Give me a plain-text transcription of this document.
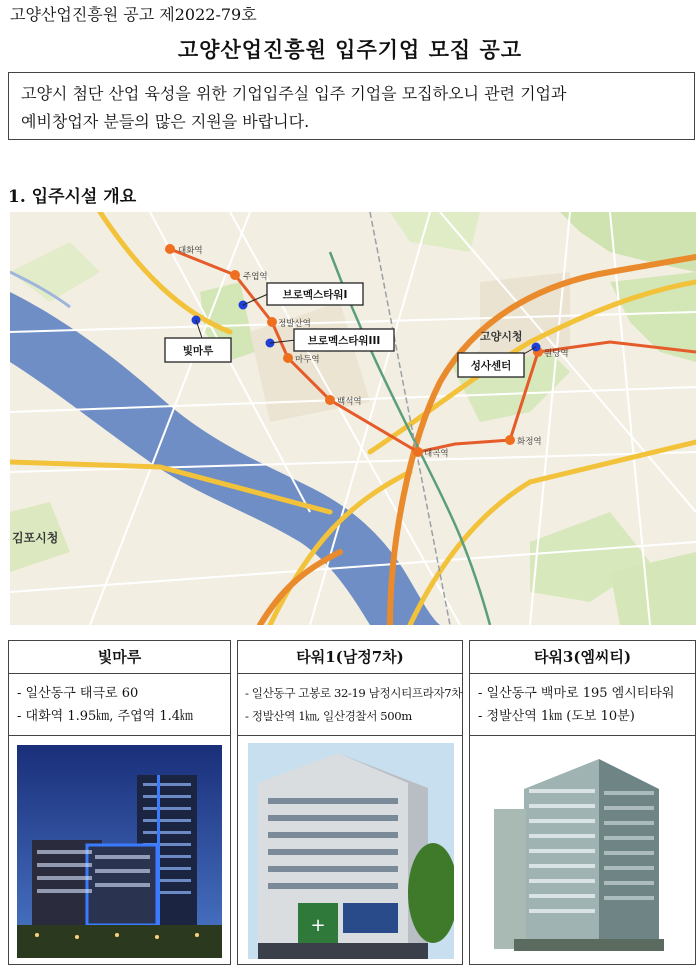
고양산업진흥원 공고 제2022-79호
고양산업진흥원 입주기업 모집 공고
고양시 첨단 산업 육성을 위한 기업입주실 입주 기업을 모집하오니 관련 기업과
예비창업자 분들의 많은 지원을 바랍니다.
1. 입주시설 개요
대화역
주엽역
정발산역
마두역
백석역
대곡역
화정역
원당역
김포시청
고양시청
브로멕스타워I
빛마루
브로멕스타워III
성사센터
빛마루
- 일산동구 태극로 60
- 대화역 1.95㎞, 주엽역 1.4㎞
타워1(남정7차)
- 일산동구 고봉로 32-19 남정시티프라자7차
- 정발산역 1㎞, 일산경찰서 500m
+
타워3(엠씨티)
- 일산동구 백마로 195 엠시티타워
- 정발산역 1㎞ (도보 10분)
